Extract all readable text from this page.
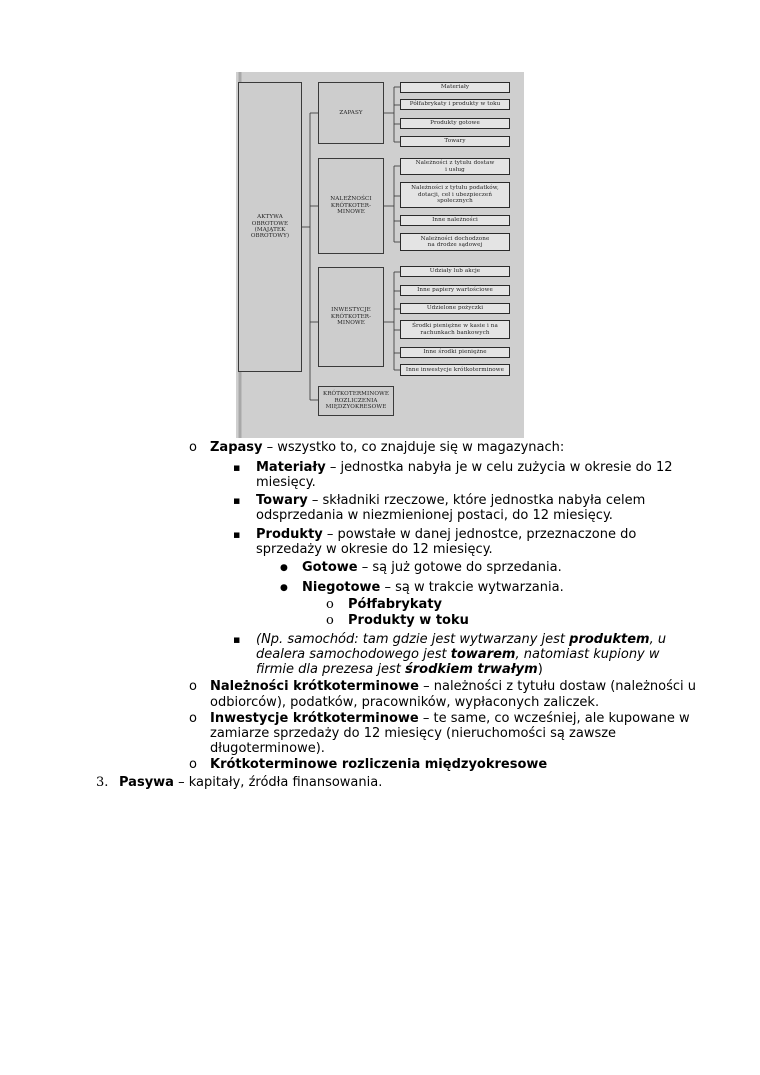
AKTYWA OBROTOWE (MAJĄTEK OBROTOWY)
ZAPASY
NALEŻNOŚCI KRÓTKOTER-MINOWE
INWESTYCJE KRÓTKOTER-MINOWE
KRÓTKOTERMINOWE ROZLICZENIA MIĘDZYOKRESOWE
Materiały
Półfabrykaty i produkty w toku
Produkty gotowe
Towary
Należności z tytułu dostaw i usług
Należności z tytułu podatków, dotacji, ceł i ubezpieczeń społecznych
Inne należności
Należności dochodzone na drodze sądowej
Udziały lub akcje
Inne papiery wartościowe
Udzielone pożyczki
Środki pieniężne w kasie i na rachunkach bankowych
Inne środki pieniężne
Inne inwestycje krótkoterminowe
o Zapasy – wszystko to, co znajduje się w magazynach:
▪ Materiały – jednostka nabyła je w celu zużycia w okresie do 12
miesięcy.
▪ Towary – składniki rzeczowe, które jednostka nabyła celem
odsprzedania w niezmienionej postaci, do 12 miesięcy.
▪ Produkty – powstałe w danej jednostce, przeznaczone do
sprzedaży w okresie do 12 miesięcy.
● Gotowe – są już gotowe do sprzedania.
● Niegotowe – są w trakcie wytwarzania.
o Półfabrykaty
o Produkty w toku
▪ (Np. samochód: tam gdzie jest wytwarzany jest produktem, u
dealera samochodowego jest towarem, natomiast kupiony w
firmie dla prezesa jest środkiem trwałym)
o Należności krótkoterminowe – należności z tytułu dostaw (należności u
odbiorców), podatków, pracowników, wypłaconych zaliczek.
o Inwestycje krótkoterminowe – te same, co wcześniej, ale kupowane w
zamiarze sprzedaży do 12 miesięcy (nieruchomości są zawsze
długoterminowe).
o Krótkoterminowe rozliczenia międzyokresowe
3. Pasywa – kapitały, źródła finansowania.
